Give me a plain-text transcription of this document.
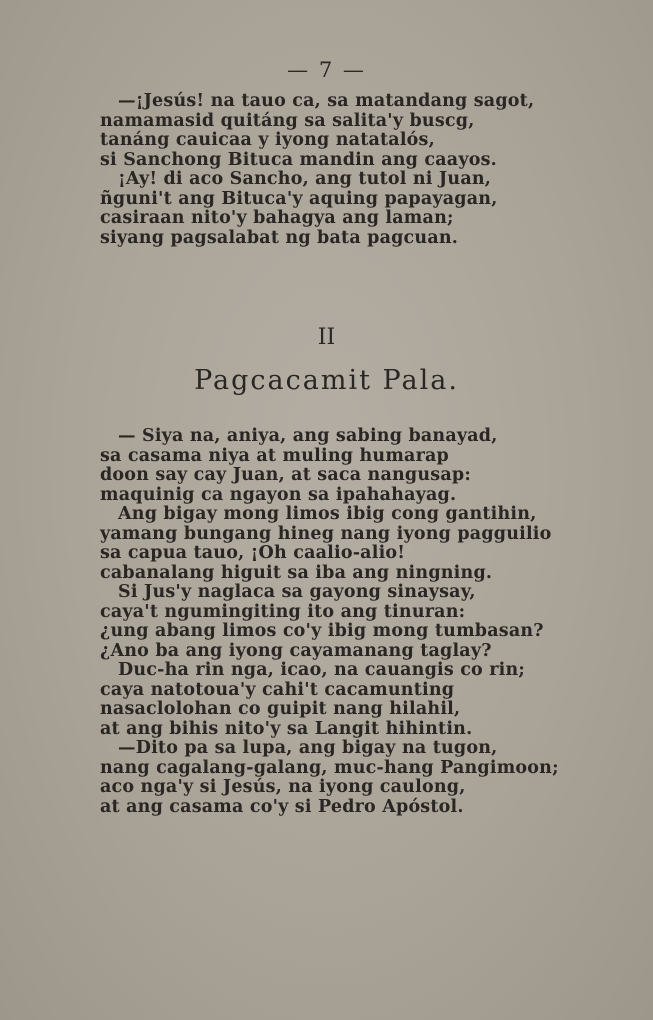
— 7 —
—¡Jesús! na tauo ca, sa matandang sagot,
namamasid quitáng sa salita'y buscg,
tanáng cauicaa y iyong natatalós,
si Sanchong Bituca mandin ang caayos.
¡Ay! di aco Sancho, ang tutol ni Juan,
ñguni't ang Bituca'y aquing papayagan,
casiraan nito'y bahagya ang laman;
siyang pagsalabat ng bata pagcuan.
II
Pagcacamit Pala.
— Siya na, aniya, ang sabing banayad,
sa casama niya at muling humarap
doon say cay Juan, at saca nangusap:
maquinig ca ngayon sa ipahahayag.
Ang bigay mong limos ibig cong gantihin,
yamang bungang hineg nang iyong pagguilio
sa capua tauo, ¡Oh caalio-alio!
cabanalang higuit sa iba ang ningning.
Si Jus'y naglaca sa gayong sinaysay,
caya't ngumingiting ito ang tinuran:
¿ung abang limos co'y ibig mong tumbasan?
¿Ano ba ang iyong cayamanang taglay?
Duc-ha rin nga, icao, na cauangis co rin;
caya natotoua'y cahi't cacamunting
nasaclolohan co guipit nang hilahil,
at ang bihis nito'y sa Langit hihintin.
—Dito pa sa lupa, ang bigay na tugon,
nang cagalang-galang, muc-hang Pangimoon;
aco nga'y si Jesús, na iyong caulong,
at ang casama co'y si Pedro Apóstol.
